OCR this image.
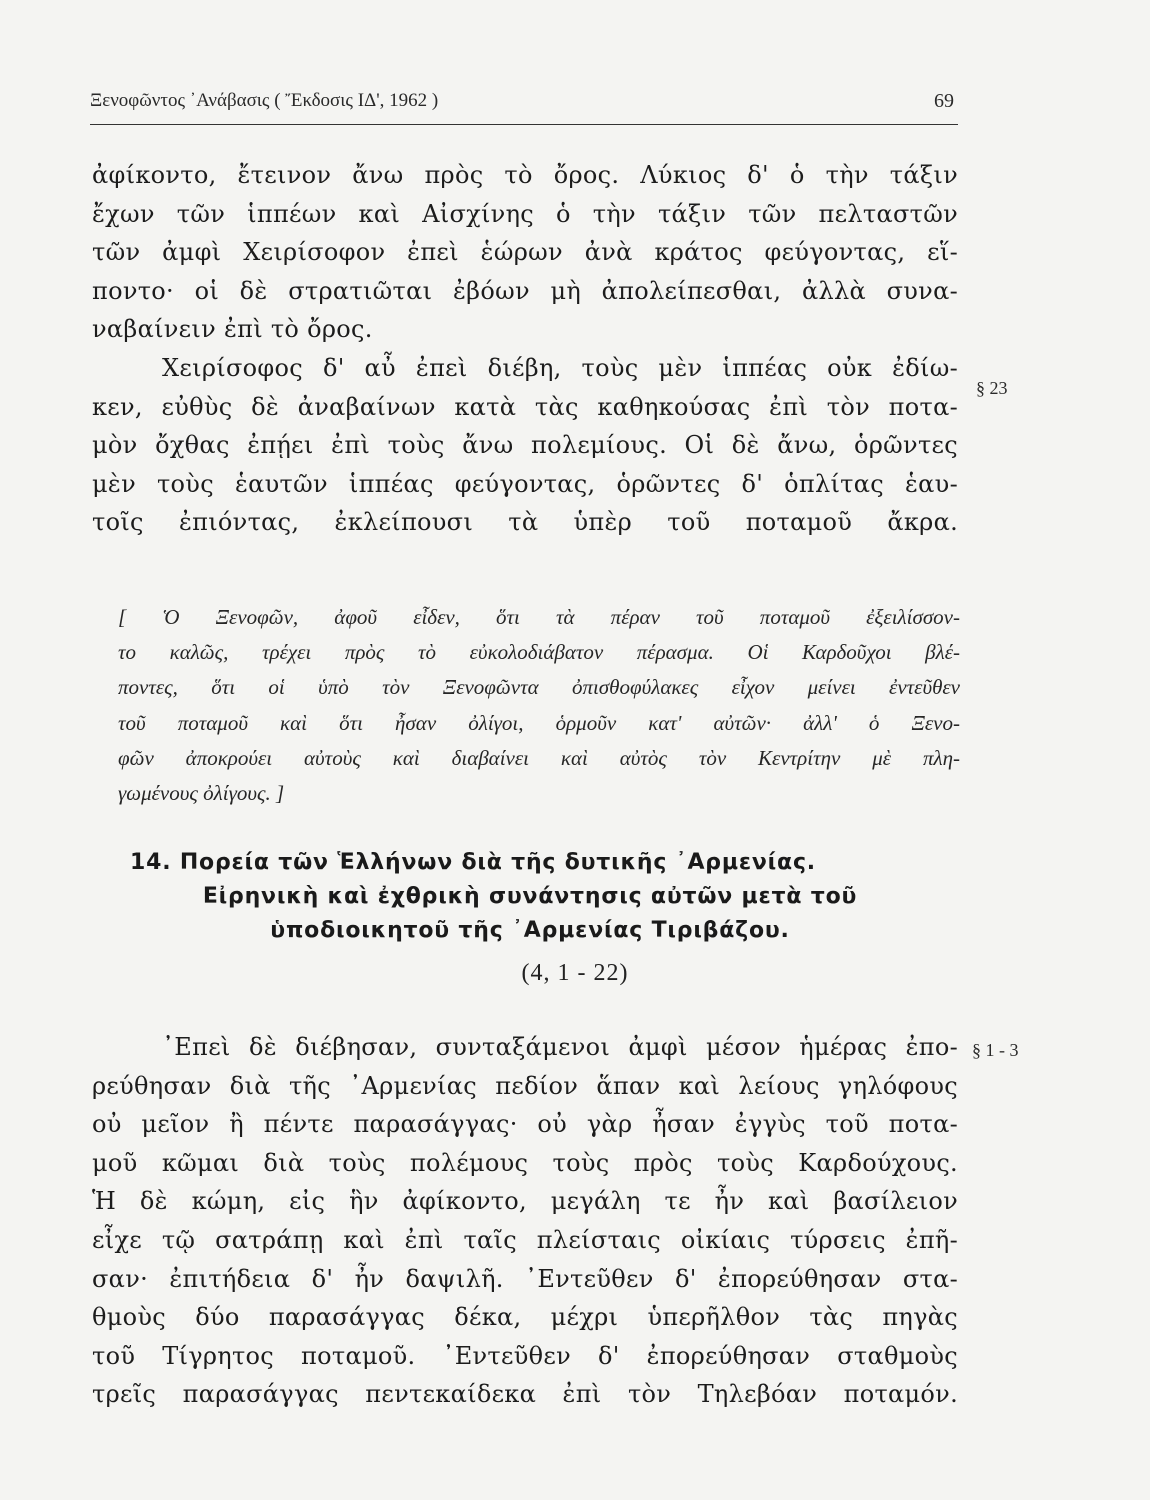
Ξενοφῶντος ᾿Ανάβασις ( Ἔκδοσις ΙΔ', 1962 )	69
ἀφίκοντο, ἔτεινον ἄνω πρὸς τὸ ὄρος. Λύκιος δ' ὁ τὴν τάξιν
ἔχων τῶν ἱππέων καὶ Αἰσχίνης ὁ τὴν τάξιν τῶν πελταστῶν
τῶν ἀμφὶ Χειρίσοφον ἐπεὶ ἑώρων ἀνὰ κράτος φεύγοντας, εἵ-
ποντο· οἱ δὲ στρατιῶται ἐβόων μὴ ἀπολείπεσθαι, ἀλλὰ συνα-
ναβαίνειν ἐπὶ τὸ ὄρος.
Χειρίσοφος δ' αὖ ἐπεὶ διέβη, τοὺς μὲν ἱππέας οὐκ ἐδίω-
κεν, εὐθὺς δὲ ἀναβαίνων κατὰ τὰς καθηκούσας ἐπὶ τὸν ποτα-
μὸν ὄχθας ἐπῄει ἐπὶ τοὺς ἄνω πολεμίους. Οἱ δὲ ἄνω, ὁρῶντες
μὲν τοὺς ἑαυτῶν ἱππέας φεύγοντας, ὁρῶντες δ' ὁπλίτας ἑαυ-
τοῖς ἐπιόντας, ἐκλείπουσι τὰ ὑπὲρ τοῦ ποταμοῦ ἄκρα.
§ 23
[ Ὁ Ξενοφῶν, ἀφοῦ εἶδεν, ὅτι τὰ πέραν τοῦ ποταμοῦ ἐξειλίσσον-
το καλῶς, τρέχει πρὸς τὸ εὐκολοδιάβατον πέρασμα. Οἱ Καρδοῦχοι βλέ-
ποντες, ὅτι οἱ ὑπὸ τὸν Ξενοφῶντα ὀπισθοφύλακες εἶχον μείνει ἐντεῦθεν
τοῦ ποταμοῦ καὶ ὅτι ἦσαν ὀλίγοι, ὁρμοῦν κατ' αὐτῶν· ἀλλ' ὁ Ξενο-
φῶν ἀποκρούει αὐτοὺς καὶ διαβαίνει καὶ αὐτὸς τὸν Κεντρίτην μὲ πλη-
γωμένους ὀλίγους. ]
14. Πορεία τῶν Ἑλλήνων διὰ τῆς δυτικῆς ᾿Αρμενίας.
Εἰρηνικὴ καὶ ἐχθρικὴ συνάντησις αὐτῶν μετὰ τοῦ
ὑποδιοικητοῦ τῆς ᾿Αρμενίας Τιριβάζου.
(4, 1 - 22)
᾿Επεὶ δὲ διέβησαν, συνταξάμενοι ἀμφὶ μέσον ἡμέρας ἐπο-
ρεύθησαν διὰ τῆς ᾿Αρμενίας πεδίον ἅπαν καὶ λείους γηλόφους
οὐ μεῖον ἢ πέντε παρασάγγας· οὐ γὰρ ἦσαν ἐγγὺς τοῦ ποτα-
μοῦ κῶμαι διὰ τοὺς πολέμους τοὺς πρὸς τοὺς Καρδούχους.
Ἡ δὲ κώμη, εἰς ἣν ἀφίκοντο, μεγάλη τε ἦν καὶ βασίλειον
εἶχε τῷ σατράπῃ καὶ ἐπὶ ταῖς πλείσταις οἰκίαις τύρσεις ἐπῆ-
σαν· ἐπιτήδεια δ' ἦν δαψιλῆ. ᾿Εντεῦθεν δ' ἐπορεύθησαν στα-
θμοὺς δύο παρασάγγας δέκα, μέχρι ὑπερῆλθον τὰς πηγὰς
τοῦ Τίγρητος ποταμοῦ. ᾿Εντεῦθεν δ' ἐπορεύθησαν σταθμοὺς
τρεῖς παρασάγγας πεντεκαίδεκα ἐπὶ τὸν Τηλεβόαν ποταμόν.
§ 1 - 3
